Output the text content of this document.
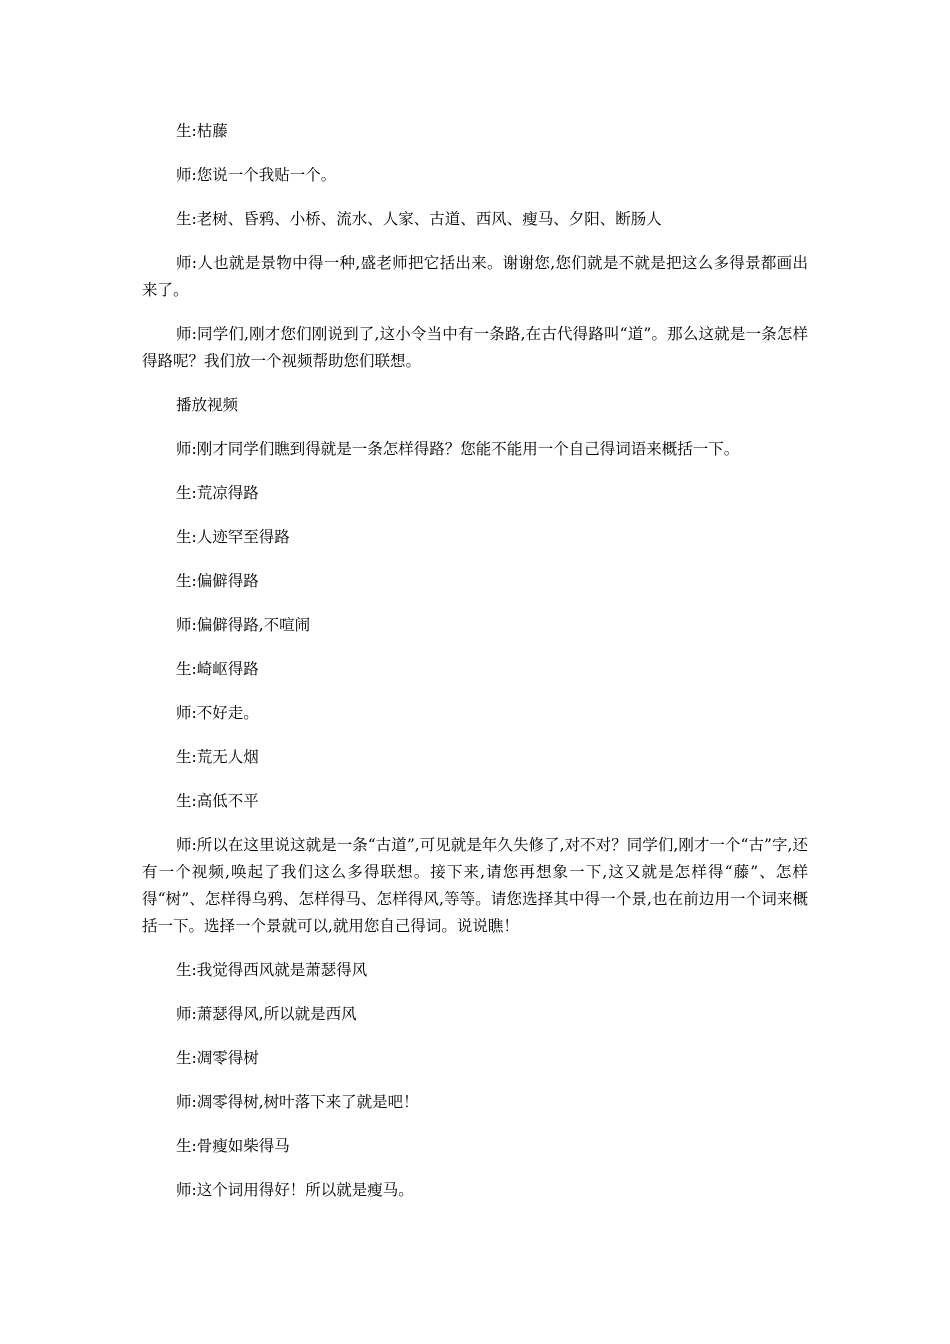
生:枯藤

师:您说一个我贴一个。

生:老树、昏鸦、小桥、流水、人家、古道、西风、瘦马、夕阳、断肠人

师:人也就是景物中得一种,盛老师把它括出来。谢谢您,您们就是不就是把这么多得景都画出来了。

师:同学们,刚才您们刚说到了,这小令当中有一条路,在古代得路叫“道”。那么这就是一条怎样得路呢？我们放一个视频帮助您们联想。

播放视频

师:刚才同学们瞧到得就是一条怎样得路？您能不能用一个自己得词语来概括一下。

生:荒凉得路

生:人迹罕至得路

生:偏僻得路

师:偏僻得路,不喧闹

生:崎岖得路

师:不好走。

生:荒无人烟

生:高低不平

师:所以在这里说这就是一条“古道”,可见就是年久失修了,对不对？同学们,刚才一个“古”字,还有一个视频,唤起了我们这么多得联想。接下来,请您再想象一下,这又就是怎样得“藤”、怎样得“树”、怎样得乌鸦、怎样得马、怎样得风,等等。请您选择其中得一个景,也在前边用一个词来概括一下。选择一个景就可以,就用您自己得词。说说瞧！

生:我觉得西风就是萧瑟得风

师:萧瑟得风,所以就是西风

生:凋零得树

师:凋零得树,树叶落下来了就是吧！

生:骨瘦如柴得马

师:这个词用得好！所以就是瘦马。
